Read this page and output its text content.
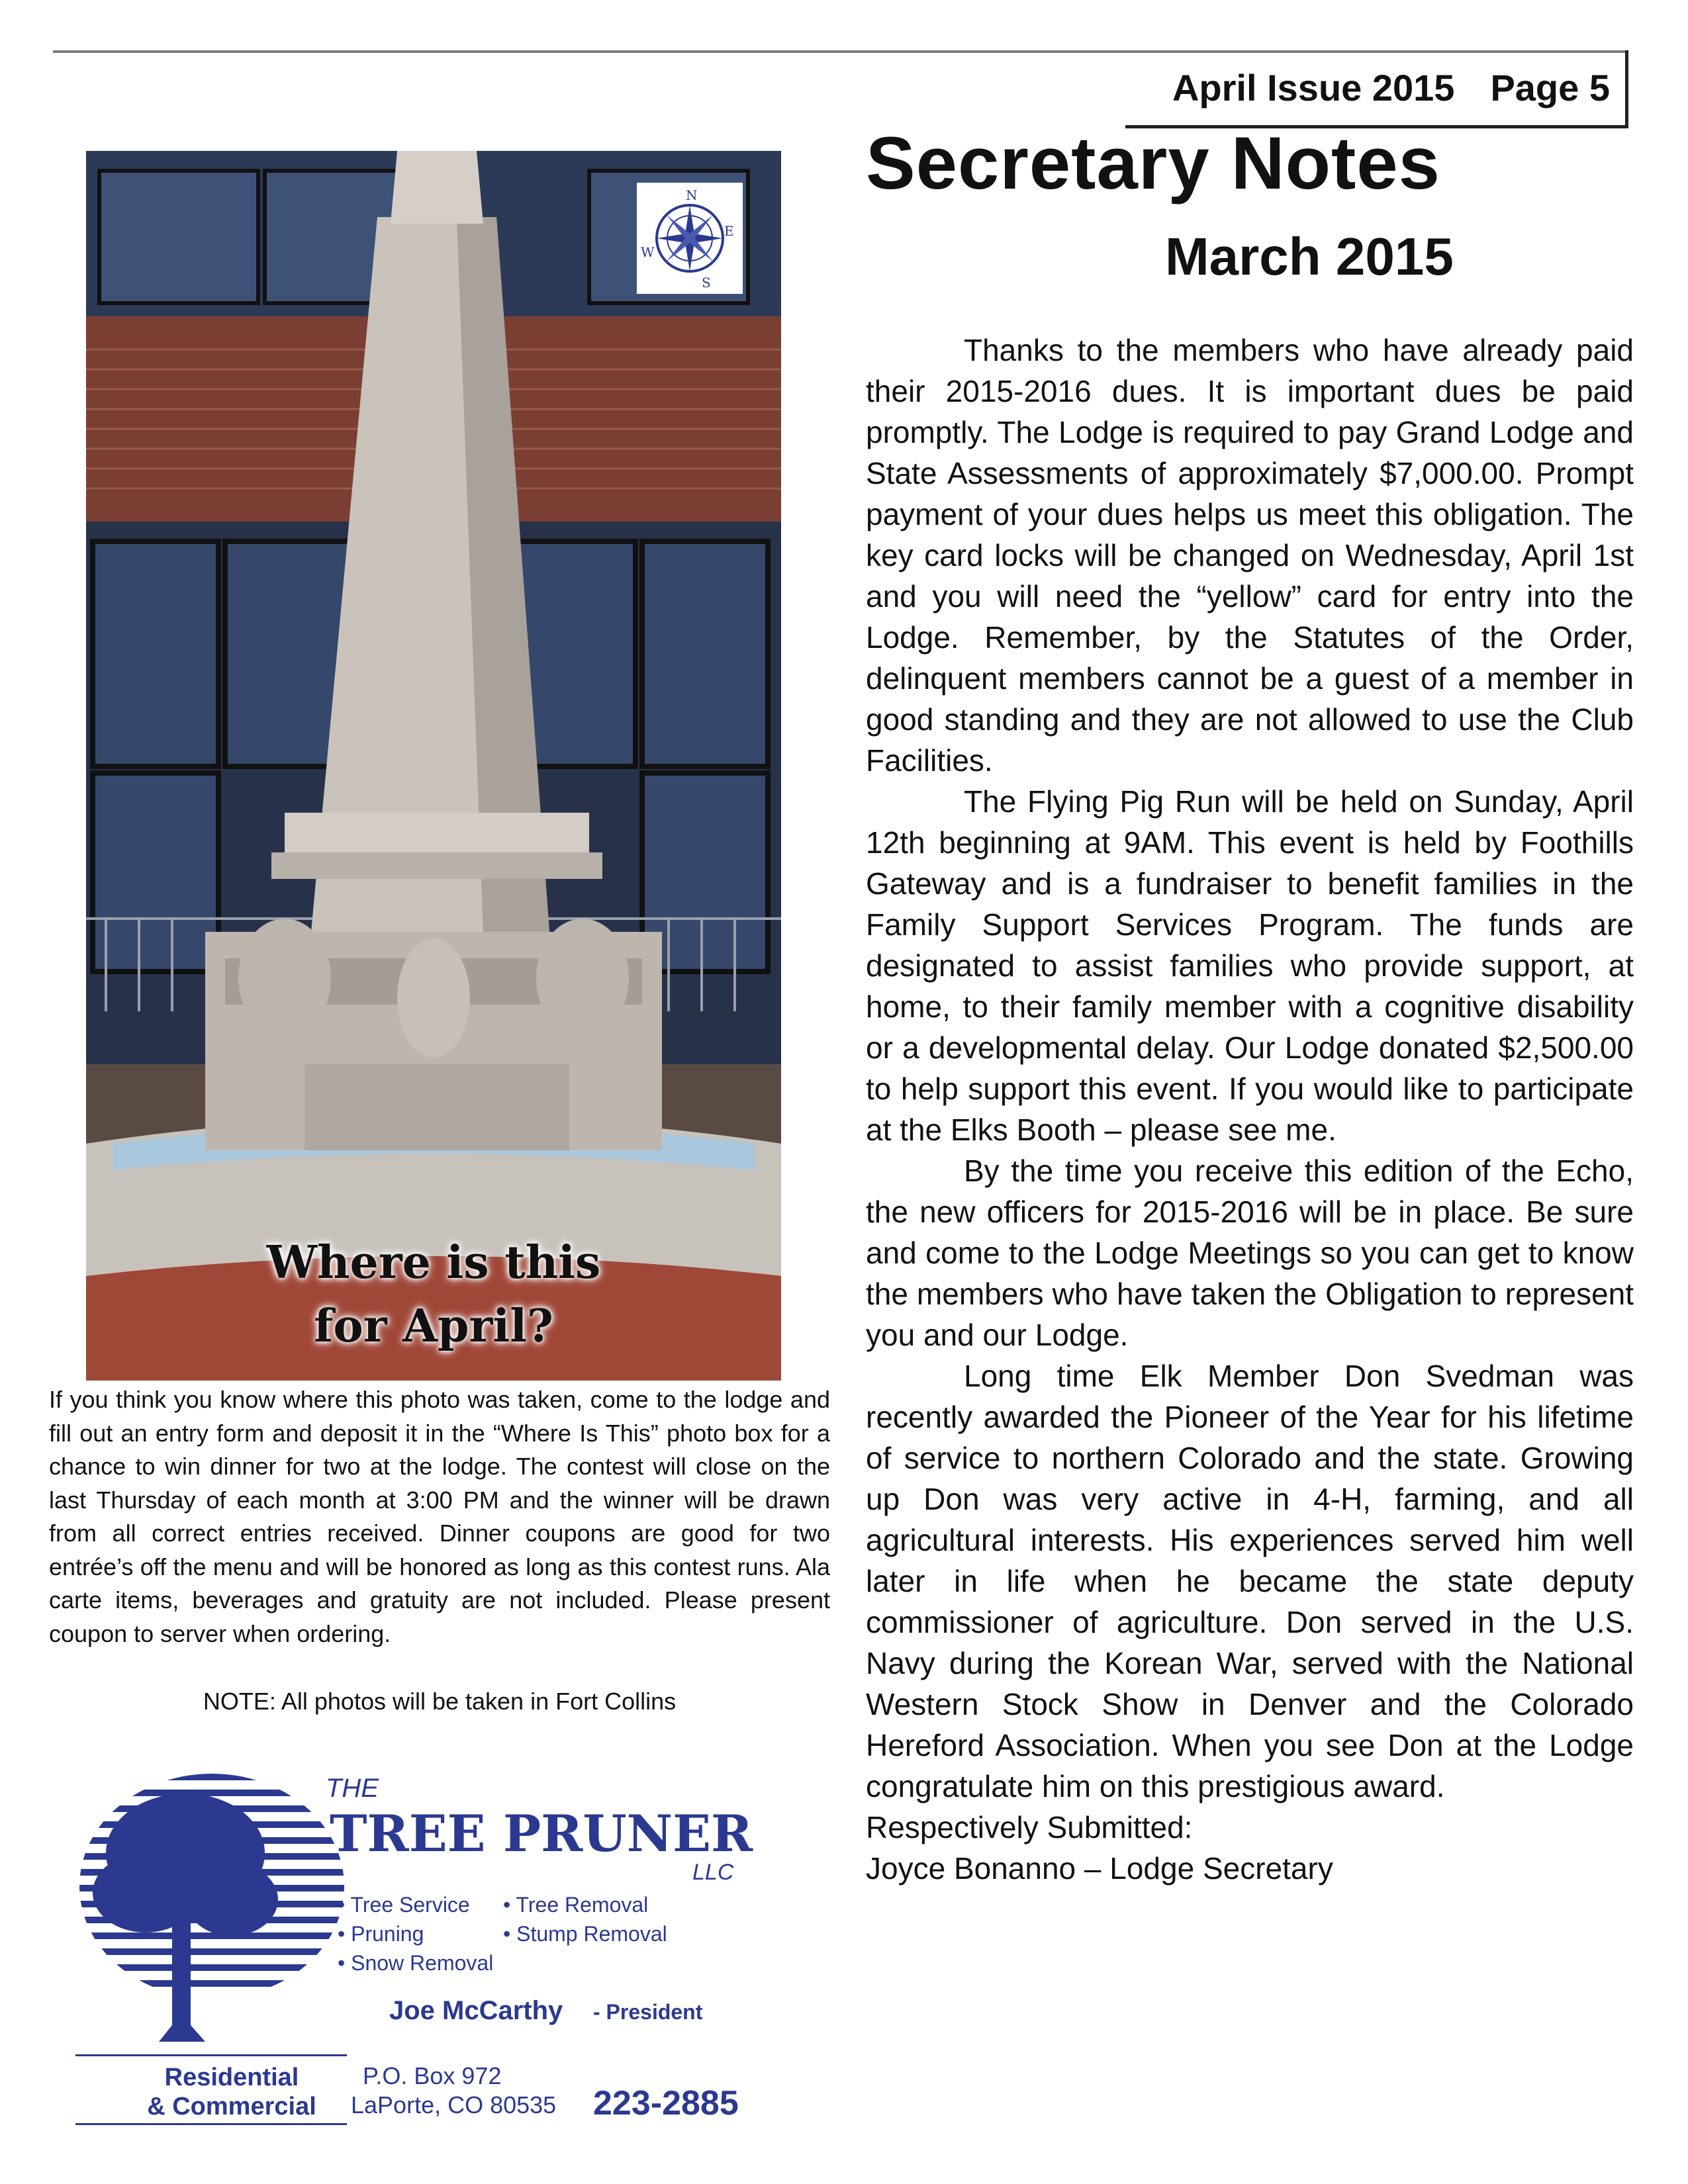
April Issue 2015 Page 5
N
E
S
W
Where is this
for April?
If you think you know where this photo was taken, come to the lodge and fill out an entry form and deposit it in the “Where Is This” photo box for a chance to win dinner for two at the lodge. The contest will close on the last Thursday of each month at 3:00 PM and the winner will be drawn from all correct entries received. Dinner coupons are good for two entrée’s off the menu and will be honored as long as this contest runs. Ala carte items, beverages and gratuity are not included. Please present coupon to server when ordering.
NOTE: All photos will be taken in Fort Collins
THE
TREE PRUNER
LLC
• Tree Service • Tree Removal
• Pruning	• Stump Removal
• Snow Removal
Joe McCarthy - President
Residential
& Commercial
P.O. Box 972
LaPorte, CO 80535 223-2885
Secretary Notes
March 2015

Thanks to the members who have already paid their 2015-2016 dues. It is important dues be paid promptly. The Lodge is required to pay Grand Lodge and State Assessments of approximately $7,000.00. Prompt payment of your dues helps us meet this obligation. The key card locks will be changed on Wednesday, April 1st and you will need the “yellow” card for entry into the Lodge. Remember, by the Statutes of the Order, delinquent members cannot be a guest of a member in good standing and they are not allowed to use the Club Facilities.

The Flying Pig Run will be held on Sunday, April 12th beginning at 9AM. This event is held by Foothills Gateway and is a fundraiser to benefit families in the Family Support Services Program. The funds are designated to assist families who provide support, at home, to their family member with a cognitive disability or a developmental delay. Our Lodge donated $2,500.00 to help support this event. If you would like to participate at the Elks Booth – please see me.

By the time you receive this edition of the Echo, the new officers for 2015-2016 will be in place. Be sure and come to the Lodge Meetings so you can get to know the members who have taken the Obligation to represent you and our Lodge.

Long time Elk Member Don Svedman was recently awarded the Pioneer of the Year for his lifetime of service to northern Colorado and the state. Growing up Don was very active in 4-H, farming, and all agricultural interests. His experiences served him well later in life when he became the state deputy commissioner of agriculture. Don served in the U.S. Navy during the Korean War, served with the National Western Stock Show in Denver and the Colorado Hereford Association. When you see Don at the Lodge congratulate him on this prestigious award.

Respectively Submitted:

Joyce Bonanno – Lodge Secretary
